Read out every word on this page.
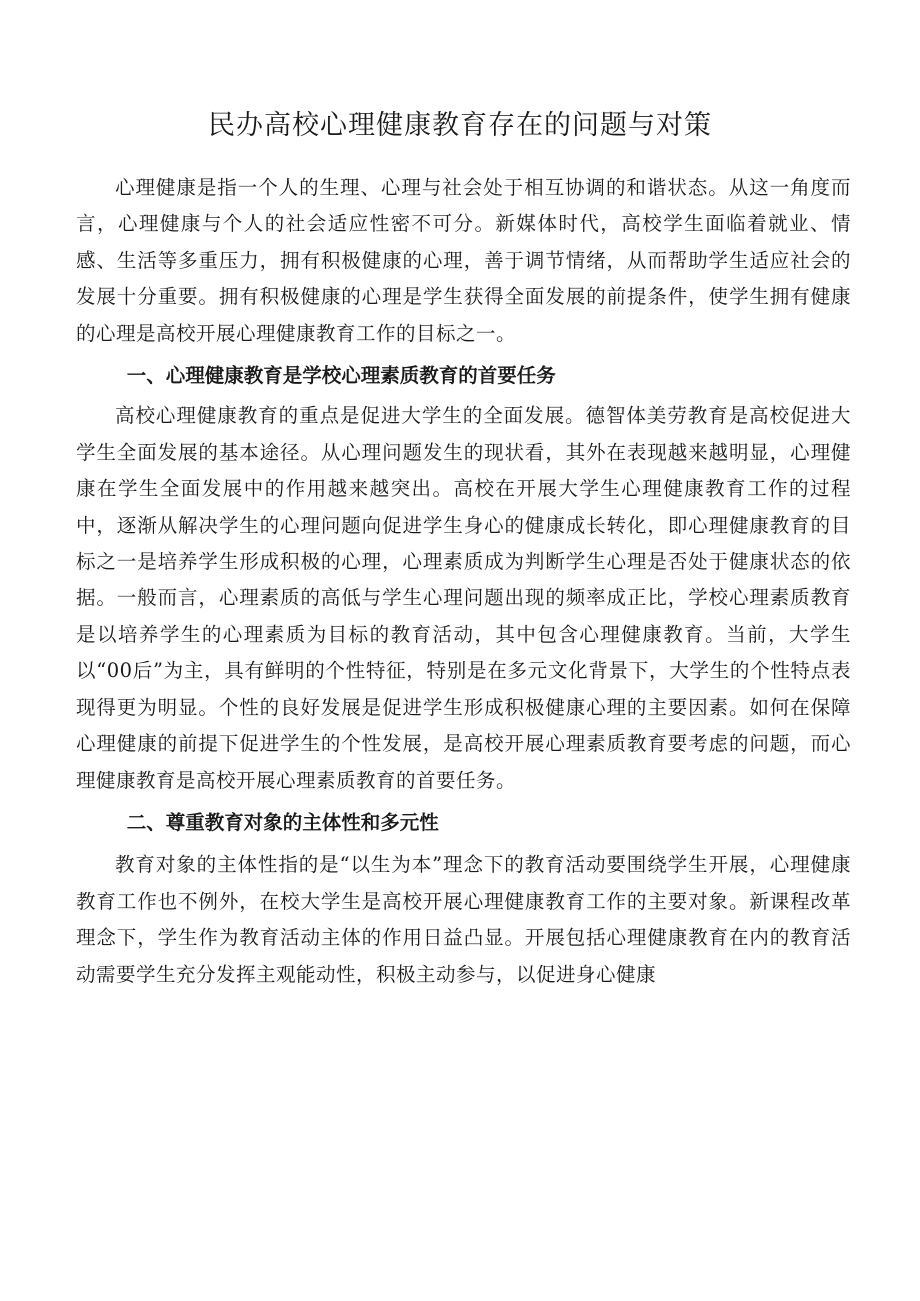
民办高校心理健康教育存在的问题与对策

心理健康是指一个人的生理、心理与社会处于相互协调的和谐状态。从这一角度而言，心理健康与个人的社会适应性密不可分。新媒体时代，高校学生面临着就业、情感、生活等多重压力，拥有积极健康的心理，善于调节情绪，从而帮助学生适应社会的发展十分重要。拥有积极健康的心理是学生获得全面发展的前提条件，使学生拥有健康的心理是高校开展心理健康教育工作的目标之一。

一、心理健康教育是学校心理素质教育的首要任务

高校心理健康教育的重点是促进大学生的全面发展。德智体美劳教育是高校促进大学生全面发展的基本途径。从心理问题发生的现状看，其外在表现越来越明显，心理健康在学生全面发展中的作用越来越突出。高校在开展大学生心理健康教育工作的过程中，逐渐从解决学生的心理问题向促进学生身心的健康成长转化，即心理健康教育的目标之一是培养学生形成积极的心理，心理素质成为判断学生心理是否处于健康状态的依据。一般而言，心理素质的高低与学生心理问题出现的频率成正比，学校心理素质教育是以培养学生的心理素质为目标的教育活动，其中包含心理健康教育。当前，大学生以“00后”为主，具有鲜明的个性特征，特别是在多元文化背景下，大学生的个性特点表现得更为明显。个性的良好发展是促进学生形成积极健康心理的主要因素。如何在保障心理健康的前提下促进学生的个性发展，是高校开展心理素质教育要考虑的问题，而心理健康教育是高校开展心理素质教育的首要任务。

二、尊重教育对象的主体性和多元性

教育对象的主体性指的是“以生为本”理念下的教育活动要围绕学生开展，心理健康教育工作也不例外，在校大学生是高校开展心理健康教育工作的主要对象。新课程改革理念下，学生作为教育活动主体的作用日益凸显。开展包括心理健康教育在内的教育活动需要学生充分发挥主观能动性，积极主动参与，以促进身心健康
